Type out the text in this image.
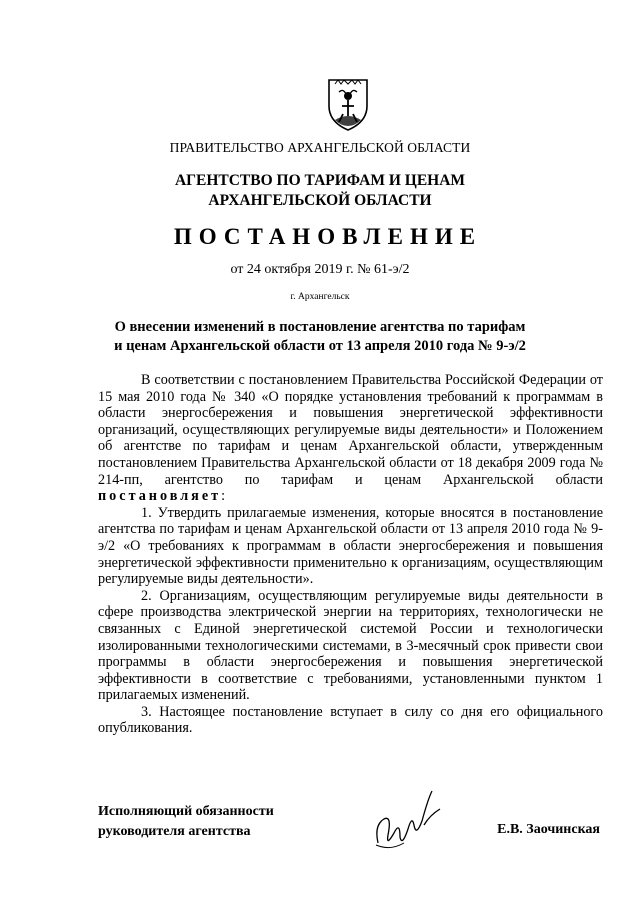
ПРАВИТЕЛЬСТВО АРХАНГЕЛЬСКОЙ ОБЛАСТИ
АГЕНТСТВО ПО ТАРИФАМ И ЦЕНАМ
АРХАНГЕЛЬСКОЙ ОБЛАСТИ
ПОСТАНОВЛЕНИЕ
от 24 октября 2019 г. № 61-э/2
г. Архангельск
О внесении изменений в постановление агентства по тарифам
и ценам Архангельской области от 13 апреля 2010 года № 9-э/2

В соответствии с постановлением Правительства Российской Федерации от 15 мая 2010 года № 340 «О порядке установления требований к программам в области энергосбережения и повышения энергетической эффективности организаций, осуществляющих регулируемые виды деятельности» и Положением об агентстве по тарифам и ценам Архангельской области, утвержденным постановлением Правительства Архангельской области от 18 декабря 2009 года № 214-пп, агентство по тарифам и ценам Архангельской области постановляет:

1. Утвердить прилагаемые изменения, которые вносятся в постановление агентства по тарифам и ценам Архангельской области от 13 апреля 2010 года № 9-э/2 «О требованиях к программам в области энергосбережения и повышения энергетической эффективности применительно к организациям, осуществляющим регулируемые виды деятельности».

2. Организациям, осуществляющим регулируемые виды деятельности в сфере производства электрической энергии на территориях, технологически не связанных с Единой энергетической системой России и технологически изолированными технологическими системами, в 3-месячный срок привести свои программы в области энергосбережения и повышения энергетической эффективности в соответствие с требованиями, установленными пунктом 1 прилагаемых изменений.

3. Настоящее постановление вступает в силу со дня его официального опубликования.

Исполняющий обязанности
руководителя агентства	Е.В. Заочинская
